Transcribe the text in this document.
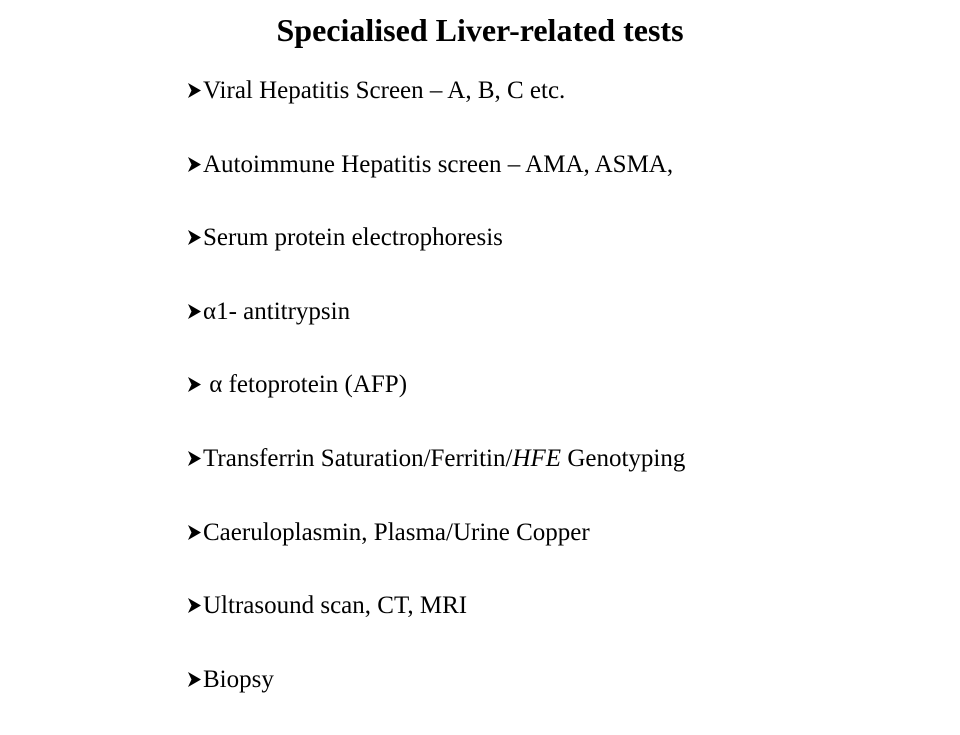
Specialised Liver-related tests
Viral Hepatitis Screen – A, B, C etc.
Autoimmune Hepatitis screen – AMA, ASMA,
Serum protein electrophoresis
α1- antitrypsin
α fetoprotein (AFP)
Transferrin Saturation/Ferritin/HFE Genotyping
Caeruloplasmin, Plasma/Urine Copper
Ultrasound scan, CT, MRI
Biopsy
